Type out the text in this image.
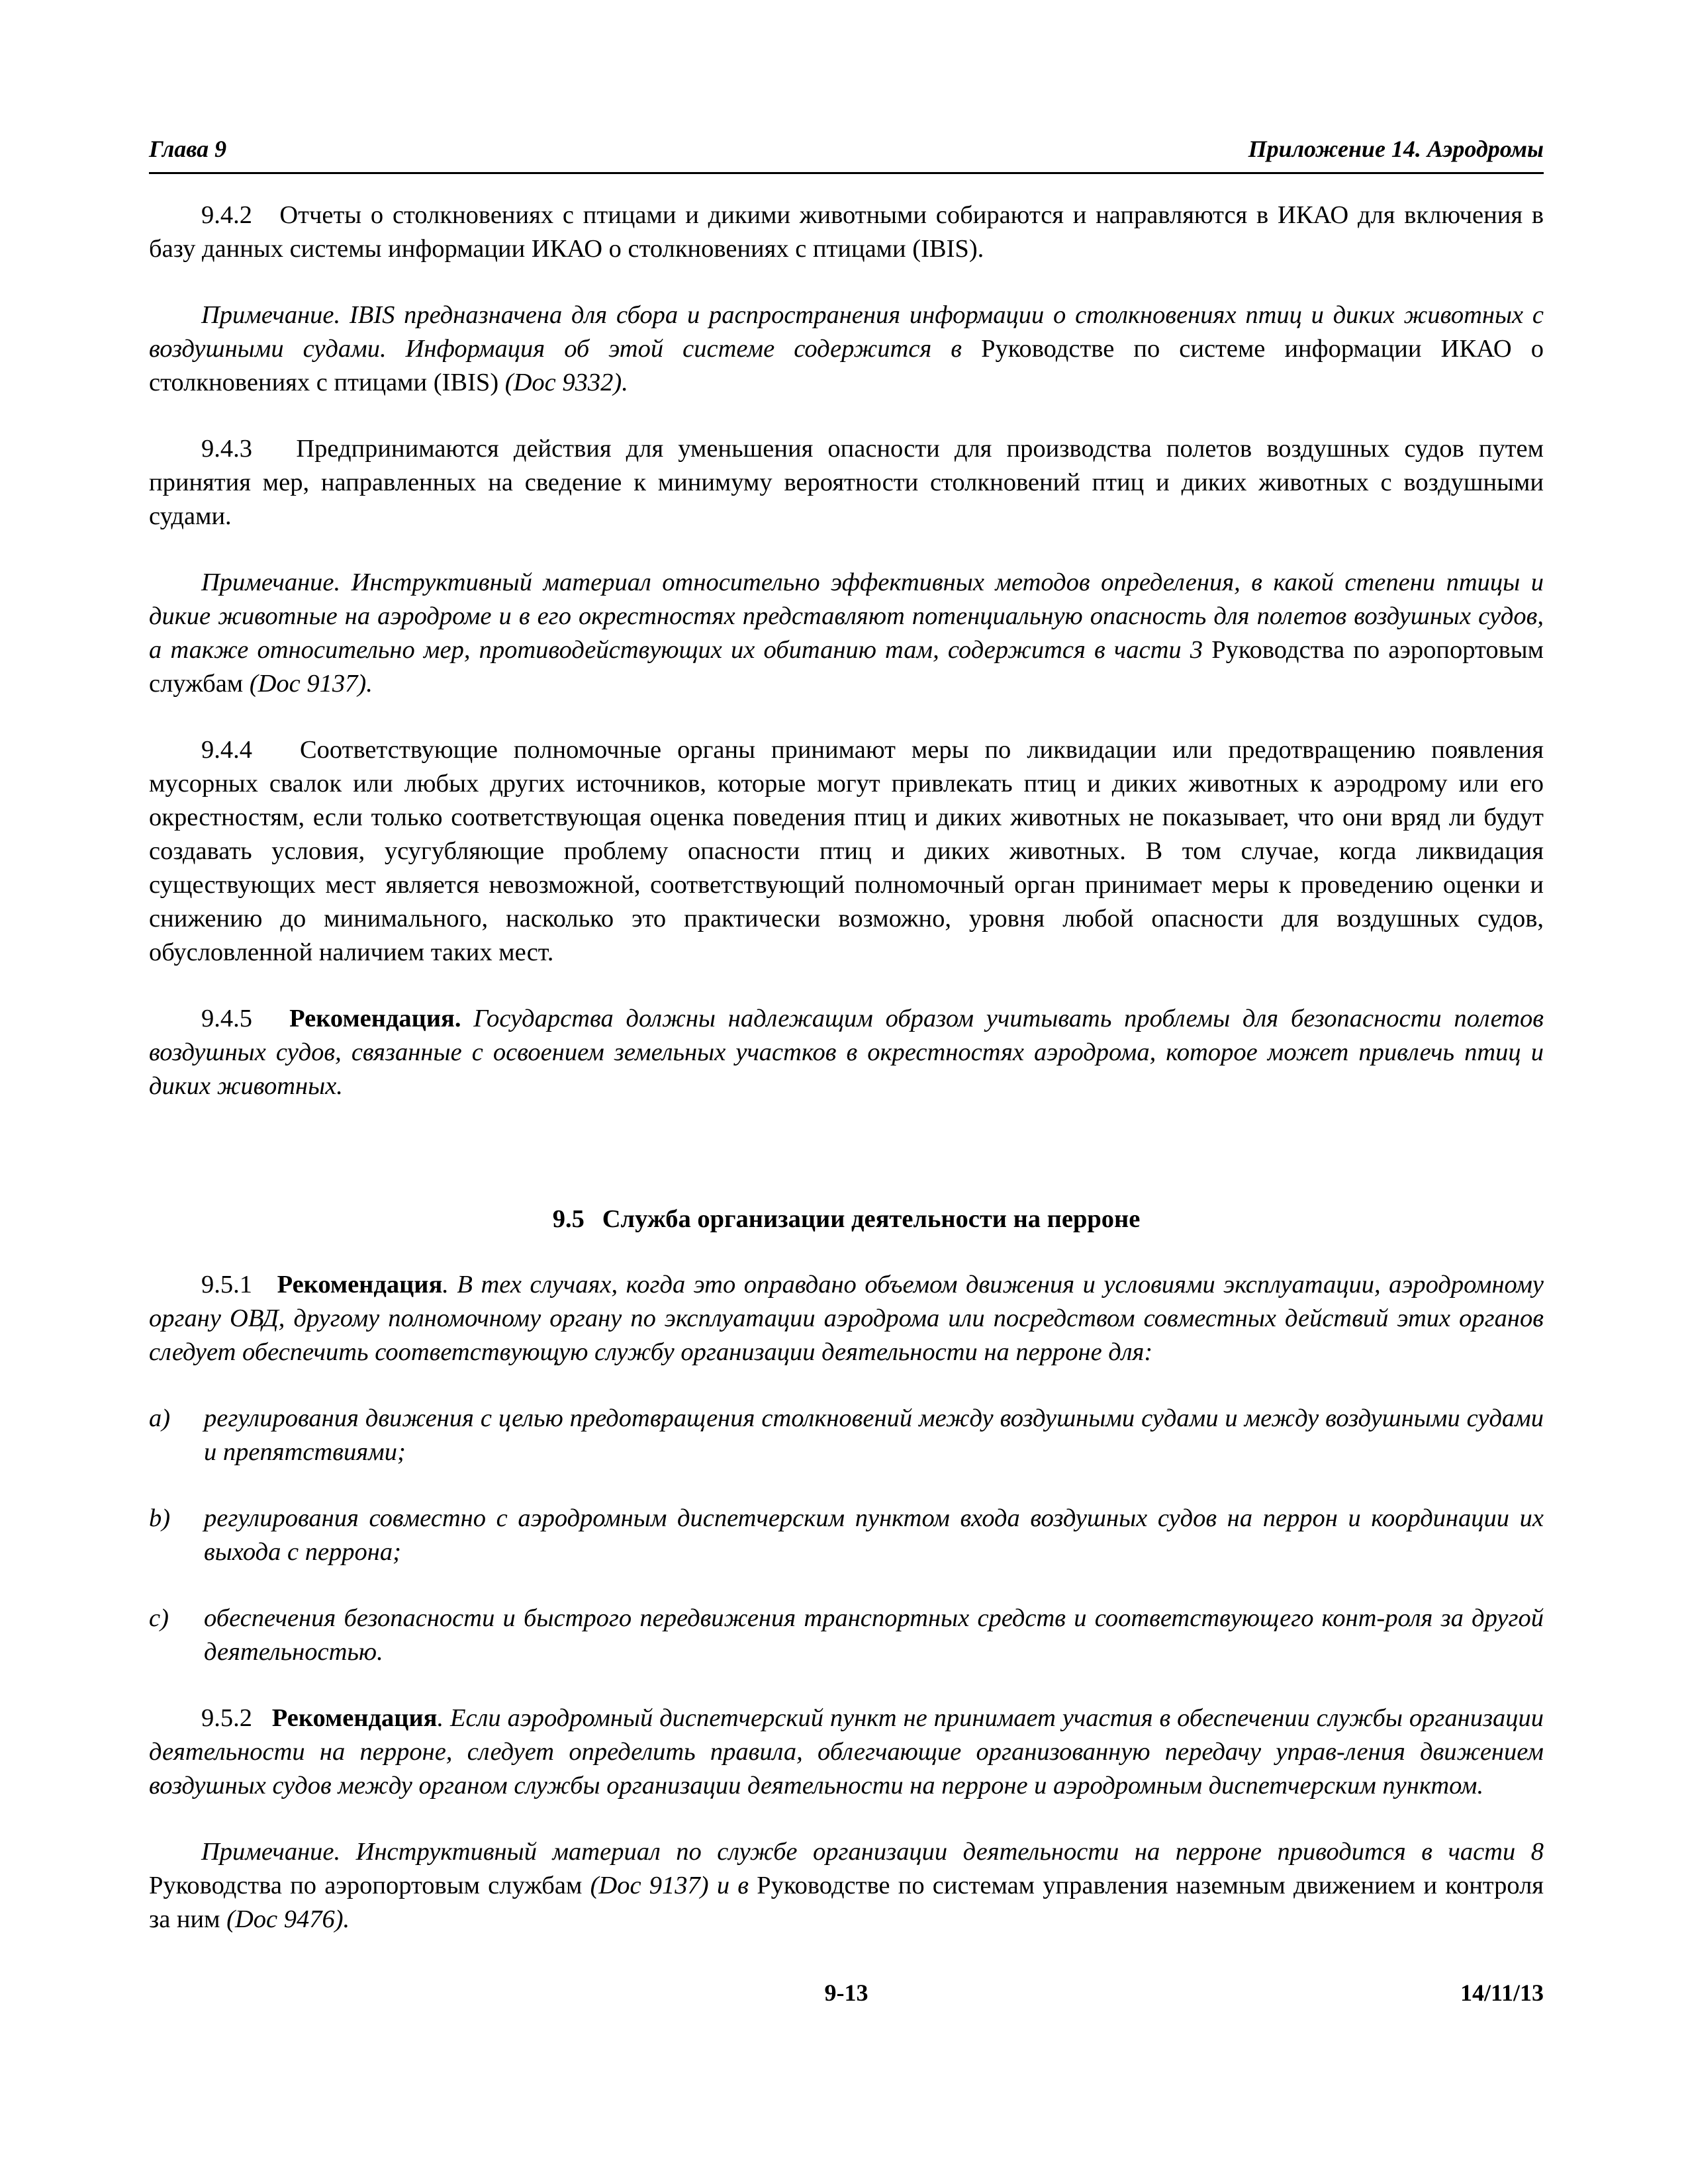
Глава 9	Приложение 14. Аэродромы

9.4.2 Отчеты о столкновениях с птицами и дикими животными собираются и направляются в ИКАО для включения в базу данных системы информации ИКАО о столкновениях с птицами (IBIS).

Примечание. IBIS предназначена для сбора и распространения информации о столкновениях птиц и диких животных с воздушными судами. Информация об этой системе содержится в Руководстве по системе информации ИКАО о столкновениях с птицами (IBIS) (Doc 9332).

9.4.3 Предпринимаются действия для уменьшения опасности для производства полетов воздушных судов путем принятия мер, направленных на сведение к минимуму вероятности столкновений птиц и диких животных с воздушными судами.

Примечание. Инструктивный материал относительно эффективных методов определения, в какой степени птицы и дикие животные на аэродроме и в его окрестностях представляют потенциальную опасность для полетов воздушных судов, а также относительно мер, противодействующих их обитанию там, содержится в части 3 Руководства по аэропортовым службам (Doc 9137).

9.4.4 Соответствующие полномочные органы принимают меры по ликвидации или предотвращению появления мусорных свалок или любых других источников, которые могут привлекать птиц и диких животных к аэродрому или его окрестностям, если только соответствующая оценка поведения птиц и диких животных не показывает, что они вряд ли будут создавать условия, усугубляющие проблему опасности птиц и диких животных. В том случае, когда ликвидация существующих мест является невозможной, соответствующий полномочный орган принимает меры к проведению оценки и снижению до минимального, насколько это практически возможно, уровня любой опасности для воздушных судов, обусловленной наличием таких мест.

9.4.5 Рекомендация. Государства должны надлежащим образом учитывать проблемы для безопасности полетов воздушных судов, связанные с освоением земельных участков в окрестностях аэродрома, которое может привлечь птиц и диких животных.

9.5 Служба организации деятельности на перроне

9.5.1 Рекомендация. В тех случаях, когда это оправдано объемом движения и условиями эксплуатации, аэродромному органу ОВД, другому полномочному органу по эксплуатации аэродрома или посредством совместных действий этих органов следует обеспечить соответствующую службу организации деятельности на перроне для:

a)	регулирования движения с целью предотвращения столкновений между воздушными судами и между воздушными судами и препятствиями;

b)	регулирования совместно с аэродромным диспетчерским пунктом входа воздушных судов на перрон и координации их выхода с перрона;

c)	обеспечения безопасности и быстрого передвижения транспортных средств и соответствующего конт-роля за другой деятельностью.

9.5.2 Рекомендация. Если аэродромный диспетчерский пункт не принимает участия в обеспечении службы организации деятельности на перроне, следует определить правила, облегчающие организованную передачу управ-ления движением воздушных судов между органом службы организации деятельности на перроне и аэродромным диспетчерским пунктом.

Примечание. Инструктивный материал по службе организации деятельности на перроне приводится в части 8 Руководства по аэропортовым службам (Doc 9137) и в Руководстве по системам управления наземным движением и контроля за ним (Doc 9476).

9-13	14/11/13
